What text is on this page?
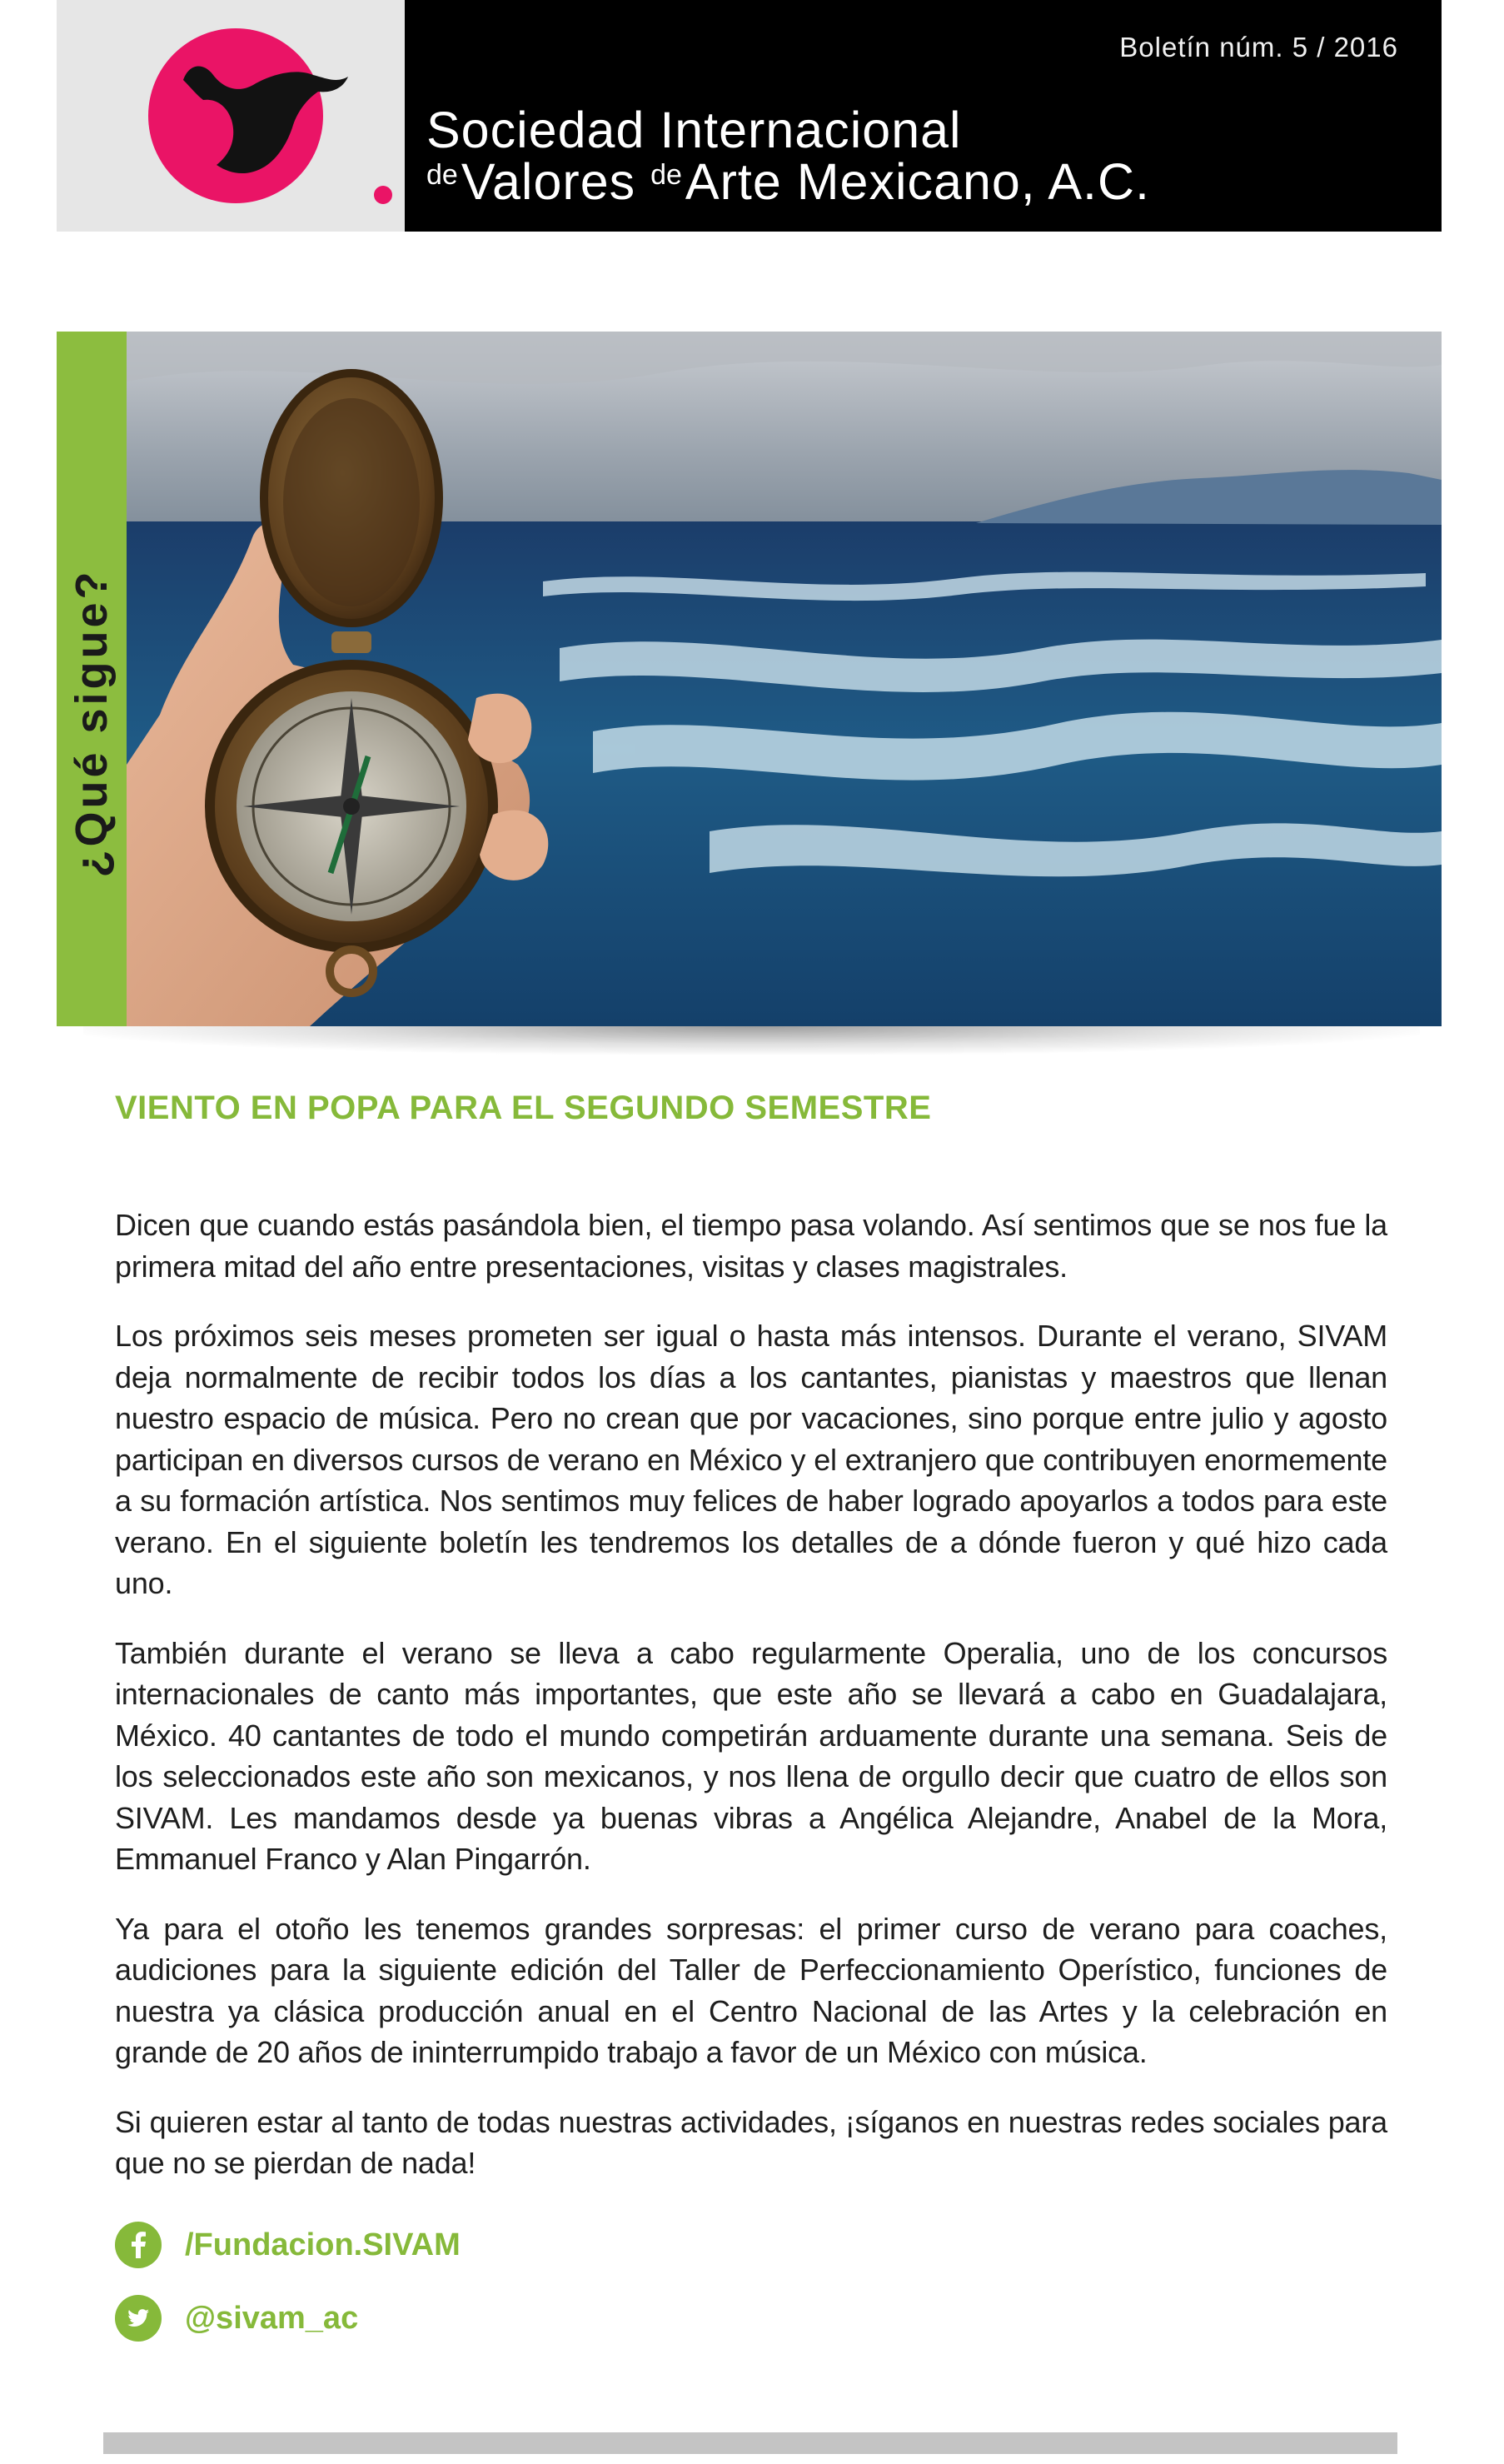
Boletín núm. 5 / 2016
Sociedad Internacional
$^{de}$Valores $^{de}$Arte Mexicano, A.C.
¿Qué sigue?
VIENTO EN POPA PARA EL SEGUNDO SEMESTRE

Dicen que cuando estás pasándola bien, el tiempo pasa volando. Así sentimos que se nos fue la primera mitad del año entre presentaciones, visitas y clases magistrales.

Los próximos seis meses prometen ser igual o hasta más intensos. Durante el verano, SIVAM deja normalmente de recibir todos los días a los cantantes, pianistas y maestros que llenan nuestro espacio de música. Pero no crean que por vacaciones, sino porque entre julio y agosto participan en diversos cursos de verano en México y el extranjero que contribuyen enormemente a su formación artística. Nos sentimos muy felices de haber logrado apoyarlos a todos para este verano. En el siguiente boletín les tendremos los detalles de a dónde fueron y qué hizo cada uno.

También durante el verano se lleva a cabo regularmente Operalia, uno de los concursos internacionales de canto más importantes, que este año se llevará a cabo en Guadalajara, México. 40 cantantes de todo el mundo competirán arduamente durante una semana. Seis de los seleccionados este año son mexicanos, y nos llena de orgullo decir que cuatro de ellos son SIVAM. Les mandamos desde ya buenas vibras a Angélica Alejandre, Anabel de la Mora, Emmanuel Franco y Alan Pingarrón.

Ya para el otoño les tenemos grandes sorpresas: el primer curso de verano para coaches, audiciones para la siguiente edición del Taller de Perfeccionamiento Operístico, funciones de nuestra ya clásica producción anual en el Centro Nacional de las Artes y la celebración en grande de 20 años de ininterrumpido trabajo a favor de un México con música.

Si quieren estar al tanto de todas nuestras actividades, ¡síganos en nuestras redes sociales para que no se pierdan de nada!

/Fundacion.SIVAM
@sivam_ac
